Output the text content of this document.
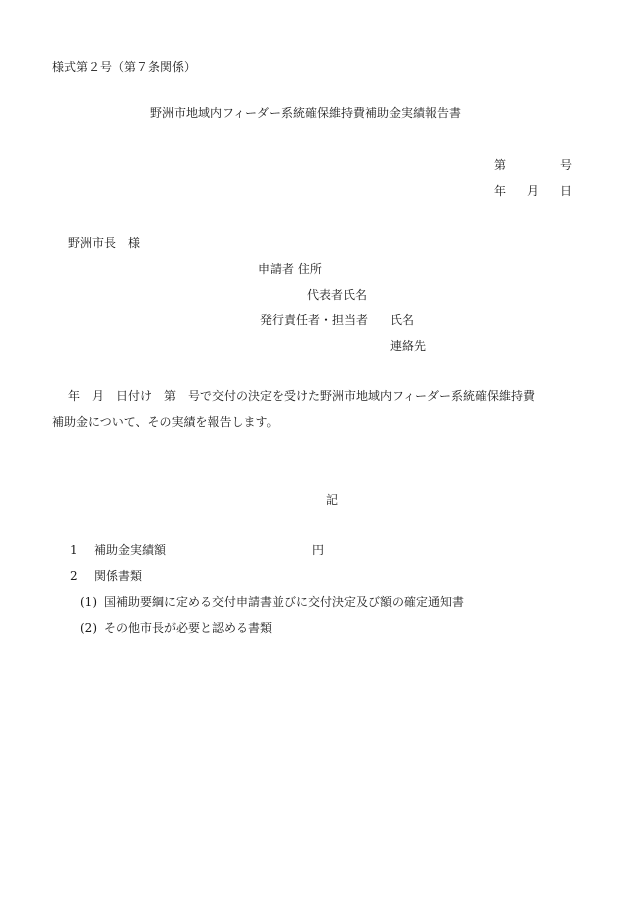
様式第２号（第７条関係）
野洲市地域内フィーダー系統確保維持費補助金実績報告書
第	号
年 月 日
野洲市長　様
申請者 住所
代表者氏名
発行責任者・担当者 氏名
連絡先
年　月　日付け　第　号で交付の決定を受けた野洲市地域内フィーダー系統確保維持費
補助金について、その実績を報告します。
記
1 補助金実績額	円
2 関係書類
(1) 国補助要綱に定める交付申請書並びに交付決定及び額の確定通知書
(2) その他市長が必要と認める書類
